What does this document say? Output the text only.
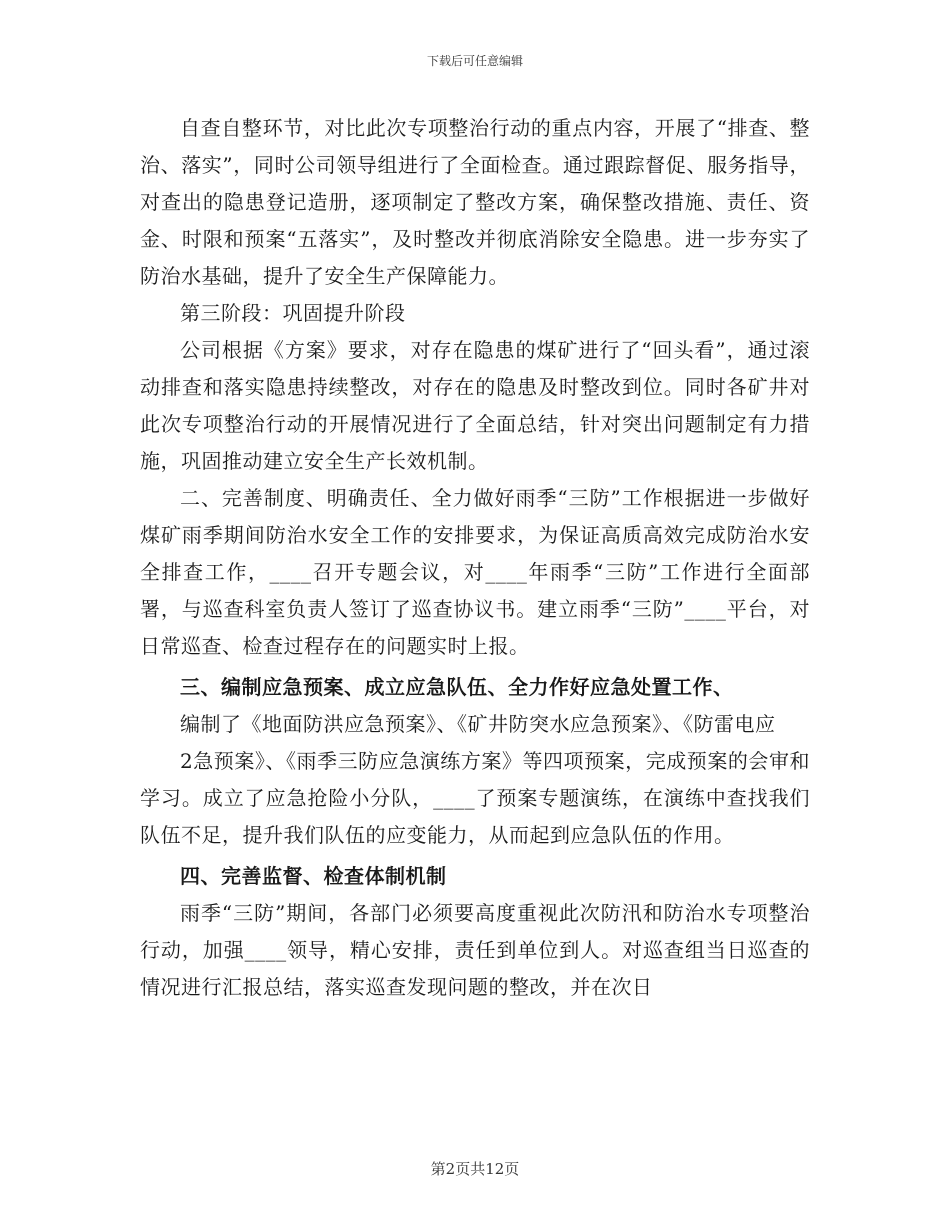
下载后可任意编辑

自查自整环节，对比此次专项整治行动的重点内容，开展了“排查、整治、落实”，同时公司领导组进行了全面检查。通过跟踪督促、服务指导，对查出的隐患登记造册，逐项制定了整改方案，确保整改措施、责任、资金、时限和预案“五落实”，及时整改并彻底消除安全隐患。进一步夯实了防治水基础，提升了安全生产保障能力。

第三阶段：巩固提升阶段

公司根据《方案》要求，对存在隐患的煤矿进行了“回头看”，通过滚动排查和落实隐患持续整改，对存在的隐患及时整改到位。同时各矿井对此次专项整治行动的开展情况进行了全面总结，针对突出问题制定有力措施，巩固推动建立安全生产长效机制。

二、完善制度、明确责任、全力做好雨季“三防”工作根据进一步做好煤矿雨季期间防治水安全工作的安排要求，为保证高质高效完成防治水安全排查工作，____召开专题会议，对____年雨季“三防”工作进行全面部署，与巡查科室负责人签订了巡查协议书。建立雨季“三防”____平台，对日常巡查、检查过程存在的问题实时上报。

三、编制应急预案、成立应急队伍、全力作好应急处置工作、

编制了《地面防洪应急预案》、《矿井防突水应急预案》、《防雷电应

2急预案》、《雨季三防应急演练方案》等四项预案，完成预案的会审和学习。成立了应急抢险小分队，____了预案专题演练，在演练中查找我们队伍不足，提升我们队伍的应变能力，从而起到应急队伍的作用。

四、完善监督、检查体制机制

雨季“三防”期间，各部门必须要高度重视此次防汛和防治水专项整治行动，加强____领导，精心安排，责任到单位到人。对巡查组当日巡查的情况进行汇报总结，落实巡查发现问题的整改，并在次日

第2页共12页
